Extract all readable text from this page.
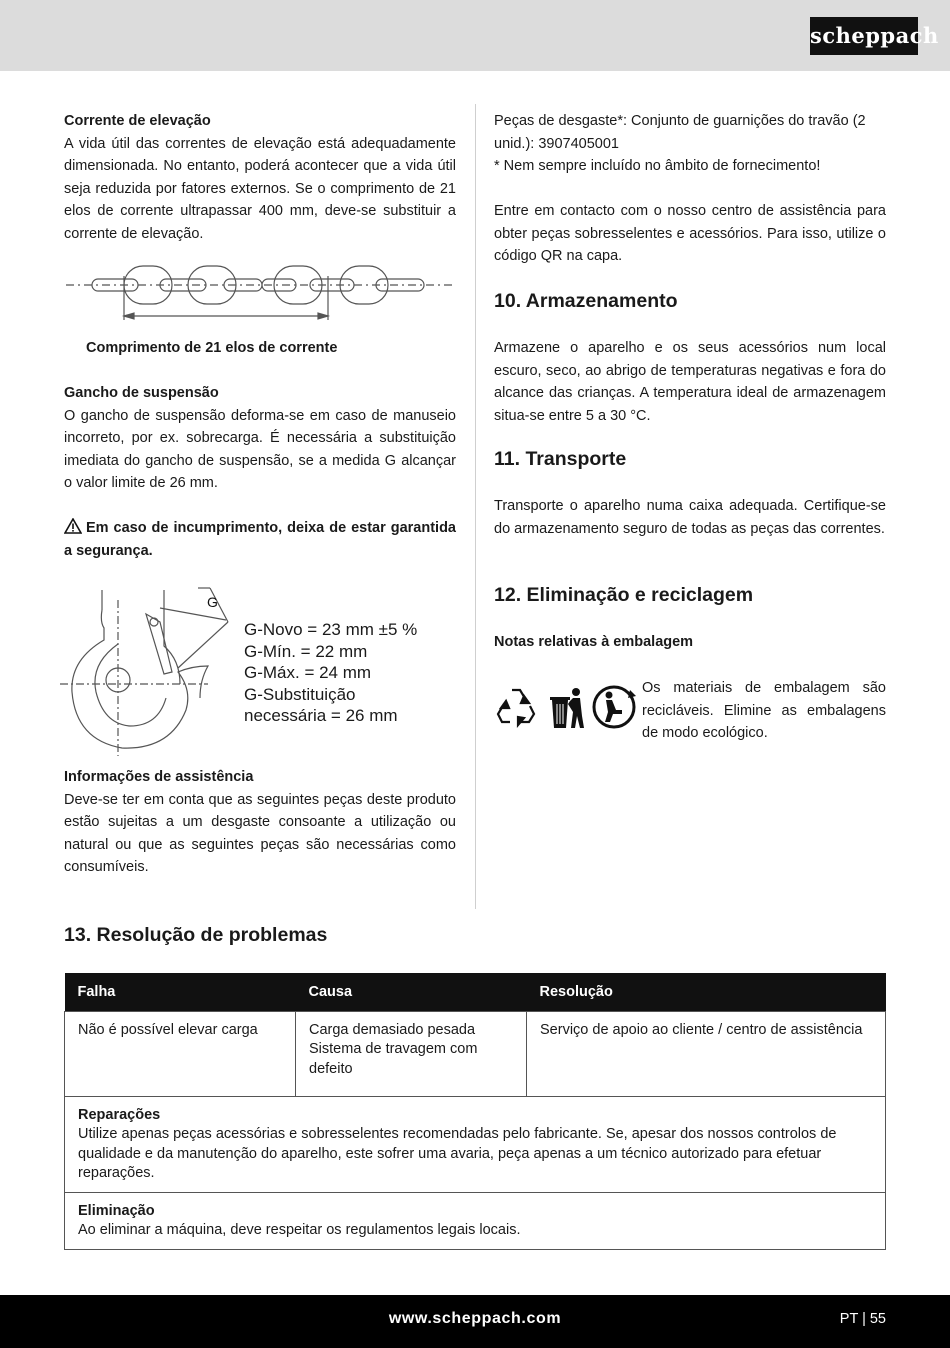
scheppach

Corrente de elevação

A vida útil das correntes de elevação está adequadamente dimensionada. No entanto, poderá acontecer que a vida útil seja reduzida por fatores externos. Se o comprimento de 21 elos de corrente ultrapassar 400 mm, deve-se substituir a corrente de elevação.

Comprimento de 21 elos de corrente

Gancho de suspensão

O gancho de suspensão deforma-se em caso de manuseio incorreto, por ex. sobrecarga. É necessária a substituição imediata do gancho de suspensão, se a medida G alcançar o valor limite de 26 mm.

Em caso de incumprimento, deixa de estar garantida a segurança.

G
G-Novo = 23 mm ±5 %
G-Mín. = 22 mm
G-Máx. = 24 mm
G-Substituição
necessária = 26 mm

Informações de assistência

Deve-se ter em conta que as seguintes peças deste produto estão sujeitas a um desgaste consoante a utilização ou natural ou que as seguintes peças são necessárias como consumíveis.

Peças de desgaste*: Conjunto de guarnições do travão (2 unid.): 3907405001

* Nem sempre incluído no âmbito de fornecimento!

Entre em contacto com o nosso centro de assistência para obter peças sobresselentes e acessórios. Para isso, utilize o código QR na capa.

10. Armazenamento

Armazene o aparelho e os seus acessórios num local escuro, seco, ao abrigo de temperaturas negativas e fora do alcance das crianças. A temperatura ideal de armazenagem situa-se entre 5 a 30 °C.

11. Transporte

Transporte o aparelho numa caixa adequada. Certifique-se do armazenamento seguro de todas as peças das correntes.

12. Eliminação e reciclagem

Notas relativas à embalagem

Os materiais de embalagem são recicláveis. Elimine as embalagens de modo ecológico.

13. Resolução de problemas
Falha	Causa	Resolução
Não é possível elevar carga	Carga demasiado pesada Sistema de travagem com defeito	Serviço de apoio ao cliente / centro de assistência

Reparações
Utilize apenas peças acessórias e sobresselentes recomendadas pelo fabricante. Se, apesar dos nossos controlos de qualidade e da manutenção do aparelho, este sofrer uma avaria, peça apenas a um técnico autorizado para efetuar reparações.		

Eliminação
Ao eliminar a máquina, deve respeitar os regulamentos legais locais.		
www.scheppach.com	PT | 55
